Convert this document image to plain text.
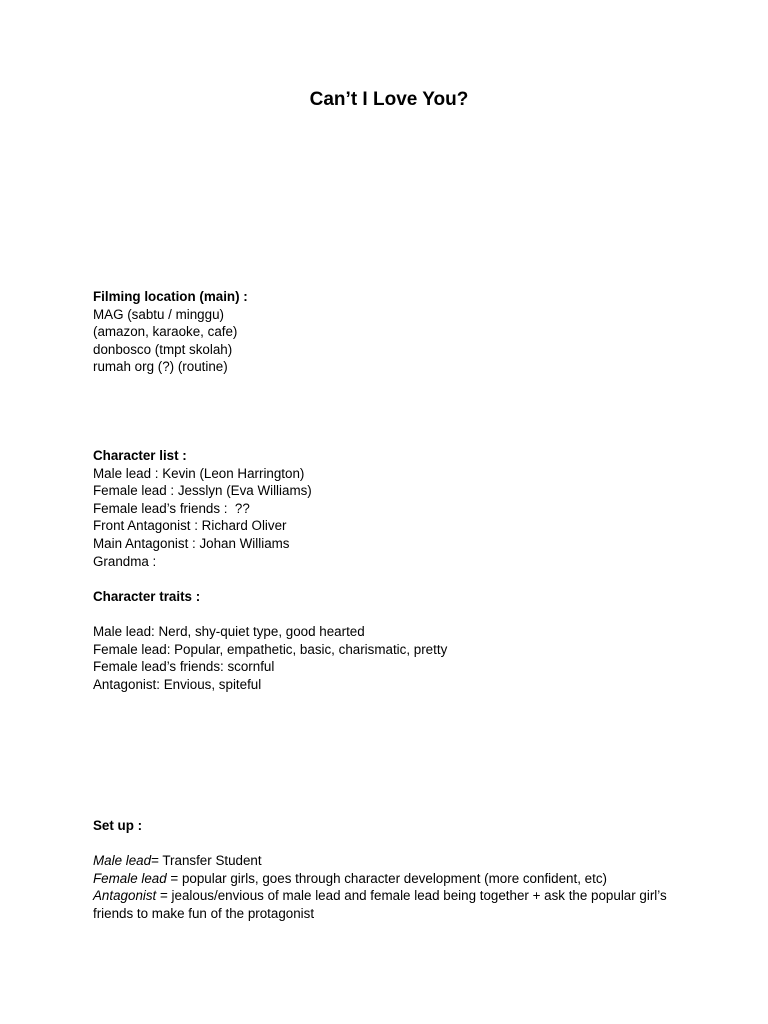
Can’t I Love You?
Filming location (main) :
MAG (sabtu / minggu)
(amazon, karaoke, cafe)
donbosco (tmpt skolah)
rumah org (?) (routine)
Character list :
Male lead : Kevin (Leon Harrington)
Female lead : Jesslyn (Eva Williams)
Female lead’s friends :  ??
Front Antagonist : Richard Oliver
Main Antagonist : Johan Williams
Grandma :
Character traits :
Male lead: Nerd, shy-quiet type, good hearted
Female lead: Popular, empathetic, basic, charismatic, pretty
Female lead’s friends: scornful
Antagonist: Envious, spiteful
Set up :
Male lead= Transfer Student
Female lead = popular girls, goes through character development (more confident, etc)
Antagonist = jealous/envious of male lead and female lead being together + ask the popular girl’s friends to make fun of the protagonist
